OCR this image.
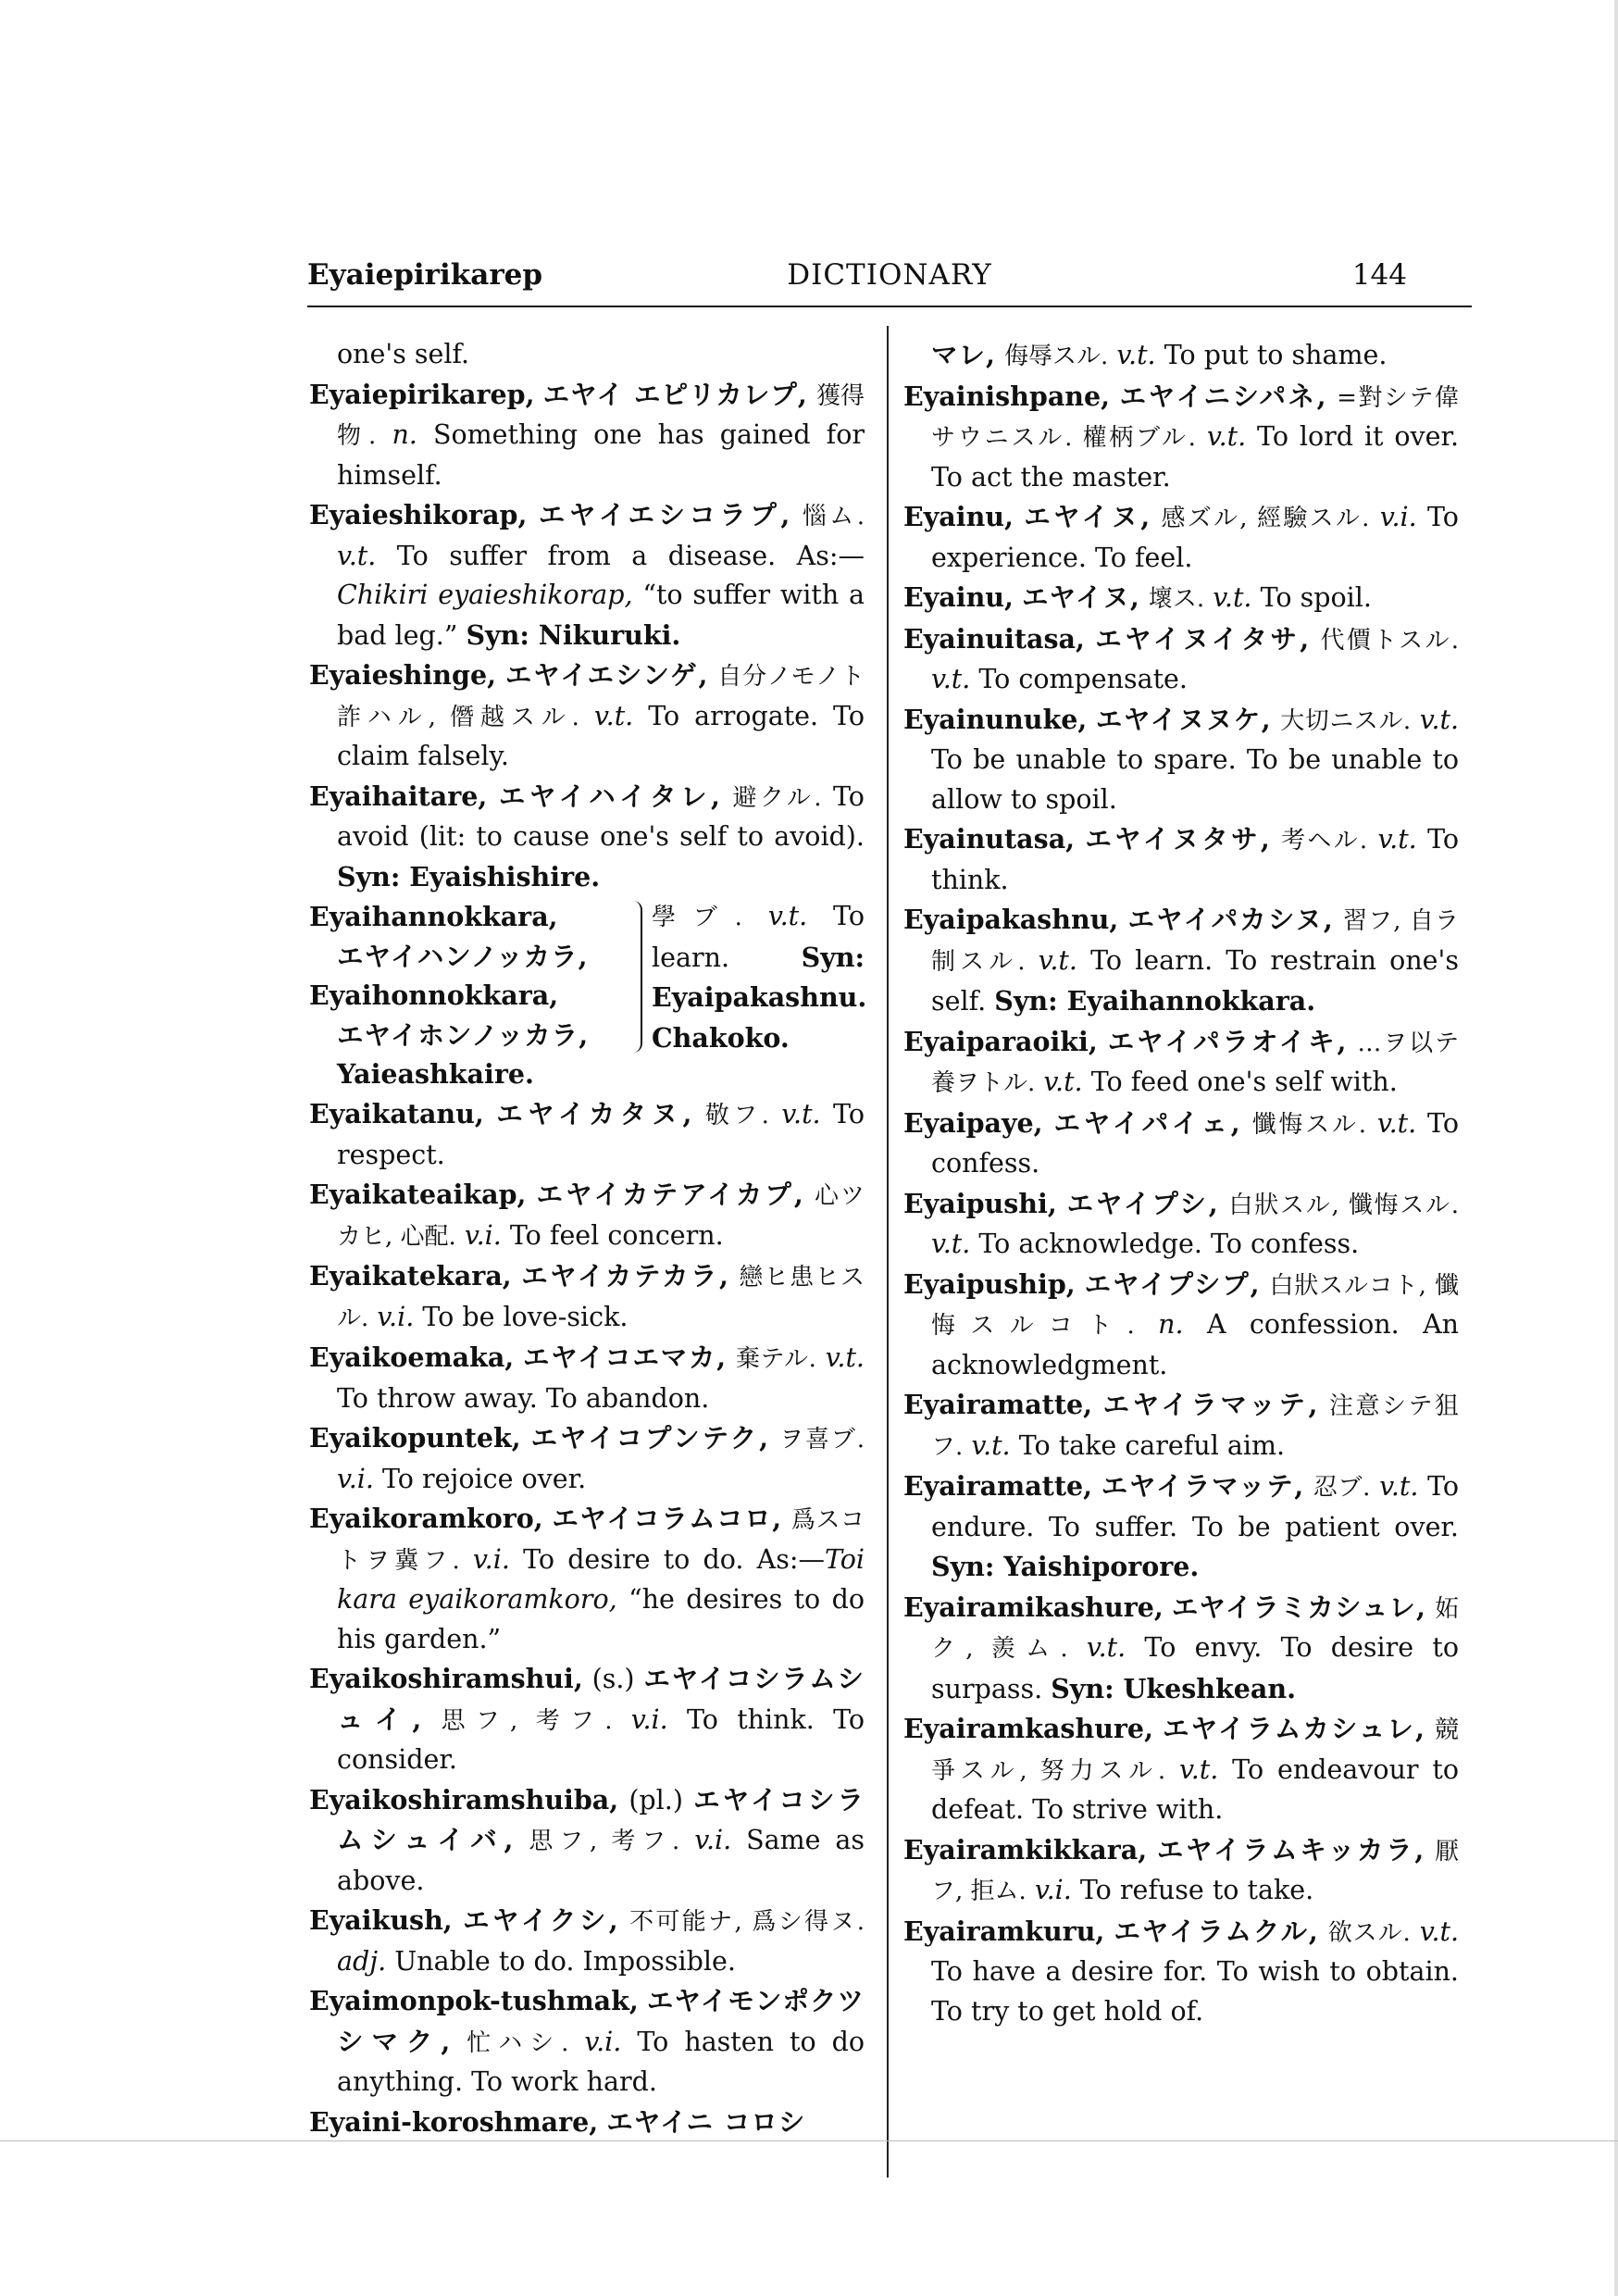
Eyaiepirikarep	DICTIONARY	144

one's self.

Eyaiepirikarep, エヤイ エピリカレプ, 獲得物. n. Something one has gained for himself.

Eyaieshikorap, エヤイエシコラプ, 惱ム. v.t. To suffer from a disease. As:—Chikiri eyaieshikorap, “to suffer with a bad leg.” Syn: Nikuruki.

Eyaieshinge, エヤイエシンゲ, 自分ノモノト詐ハル, 僭越スル. v.t. To arrogate. To claim falsely.

Eyaihaitare, エヤイハイタレ, 避クル. To avoid (lit: to cause one's self to avoid). Syn: Eyaishishire.

Eyaihannokkara,
エヤイハンノッカラ,
Eyaihonnokkara,
エヤイホンノッカラ,
Yaieashkaire.
學ブ. v.t. To learn.	Syn: Eyaipakashnu. Chakoko.

Eyaikatanu, エヤイカタヌ, 敬フ. v.t. To respect.

Eyaikateaikap, エヤイカテアイカプ, 心ツカヒ, 心配. v.i. To feel concern.

Eyaikatekara, エヤイカテカラ, 戀ヒ患ヒスル. v.i. To be love-sick.

Eyaikoemaka, エヤイコエマカ, 棄テル. v.t. To throw away. To abandon.

Eyaikopuntek, エヤイコプンテク, ヲ喜ブ. v.i. To rejoice over.

Eyaikoramkoro, エヤイコラムコロ, 爲スコトヲ冀フ. v.i. To desire to do. As:—Toi kara eyaikoramkoro, “he desires to do his garden.”

Eyaikoshiramshui, (s.) エヤイコシラムシュイ, 思フ, 考フ. v.i. To think. To consider.

Eyaikoshiramshuiba, (pl.) エヤイコシラムシュイバ, 思フ, 考フ. v.i. Same as above.

Eyaikush, エヤイクシ, 不可能ナ, 爲シ得ヌ. adj. Unable to do. Impossible.

Eyaimonpok-tushmak, エヤイモンポクツシマク, 忙ハシ. v.i. To hasten to do anything. To work hard.

Eyaini-koroshmare, エヤイニ コロシ

マレ, 侮辱スル. v.t. To put to shame.

Eyainishpane, エヤイニシパネ, =對シテ偉サウニスル. 權柄ブル. v.t. To lord it over. To act the master.

Eyainu, エヤイヌ, 感ズル, 經驗スル. v.i. To experience. To feel.

Eyainu, エヤイヌ, 壞ス. v.t. To spoil.

Eyainuitasa, エヤイヌイタサ, 代價トスル. v.t. To compensate.

Eyainunuke, エヤイヌヌケ, 大切ニスル. v.t. To be unable to spare. To be unable to allow to spoil.

Eyainutasa, エヤイヌタサ, 考ヘル. v.t. To think.

Eyaipakashnu, エヤイパカシヌ, 習フ, 自ラ制スル. v.t. To learn. To restrain one's self. Syn: Eyaihannokkara.

Eyaiparaoiki, エヤイパラオイキ, …ヲ以テ養ヲトル. v.t. To feed one's self with.

Eyaipaye, エヤイパイェ, 懺悔スル. v.t. To confess.

Eyaipushi, エヤイプシ, 白狀スル, 懺悔スル. v.t. To acknowledge. To confess.

Eyaipuship, エヤイプシプ, 白狀スルコト, 懺悔スルコト. n. A confession. An acknowledgment.

Eyairamatte, エヤイラマッテ, 注意シテ狙フ. v.t. To take careful aim.

Eyairamatte, エヤイラマッテ, 忍ブ. v.t. To endure. To suffer. To be patient over. Syn: Yaishiporore.

Eyairamikashure, エヤイラミカシュレ, 妬ク, 羨ム. v.t. To envy. To desire to surpass. Syn: Ukeshkean.

Eyairamkashure, エヤイラムカシュレ, 競爭スル, 努力スル. v.t. To endeavour to defeat. To strive with.

Eyairamkikkara, エヤイラムキッカラ, 厭フ, 拒ム. v.i. To refuse to take.

Eyairamkuru, エヤイラムクル, 欲スル. v.t. To have a desire for. To wish to obtain. To try to get hold of.
